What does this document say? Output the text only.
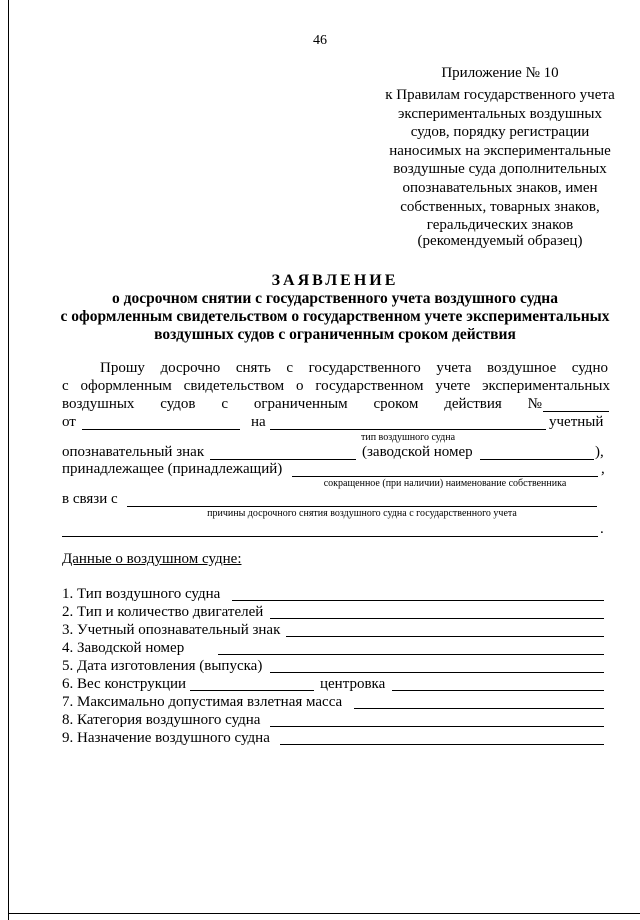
46
Приложение № 10
к Правилам государственного учета
экспериментальных воздушных
судов, порядку регистрации
наносимых на экспериментальные
воздушные суда дополнительных
опознавательных знаков, имен
собственных, товарных знаков,
геральдических знаков
(рекомендуемый образец)
ЗАЯВЛЕНИЕ
о досрочном снятии с государственного учета воздушного судна
с оформленным свидетельством о государственном учете экспериментальных
воздушных судов с ограниченным сроком действия
Прошу досрочно снять с государственного учета воздушное судно
с оформленным свидетельством о государственном учете экспериментальных
воздушных судов с ограниченным сроком действия №
от	на	учетный
тип воздушного судна
опознавательный знак	(заводской номер	),
принадлежащее (принадлежащий)	,
сокращенное (при наличии) наименование собственника
в связи с
причины досрочного снятия воздушного судна с государственного учета
.
Данные о воздушном судне:
1. Тип воздушного судна
2. Тип и количество двигателей
3. Учетный опознавательный знак
4. Заводской номер
5. Дата изготовления (выпуска)
6. Вес конструкции	центровка
7. Максимально допустимая взлетная масса
8. Категория воздушного судна
9. Назначение воздушного судна
